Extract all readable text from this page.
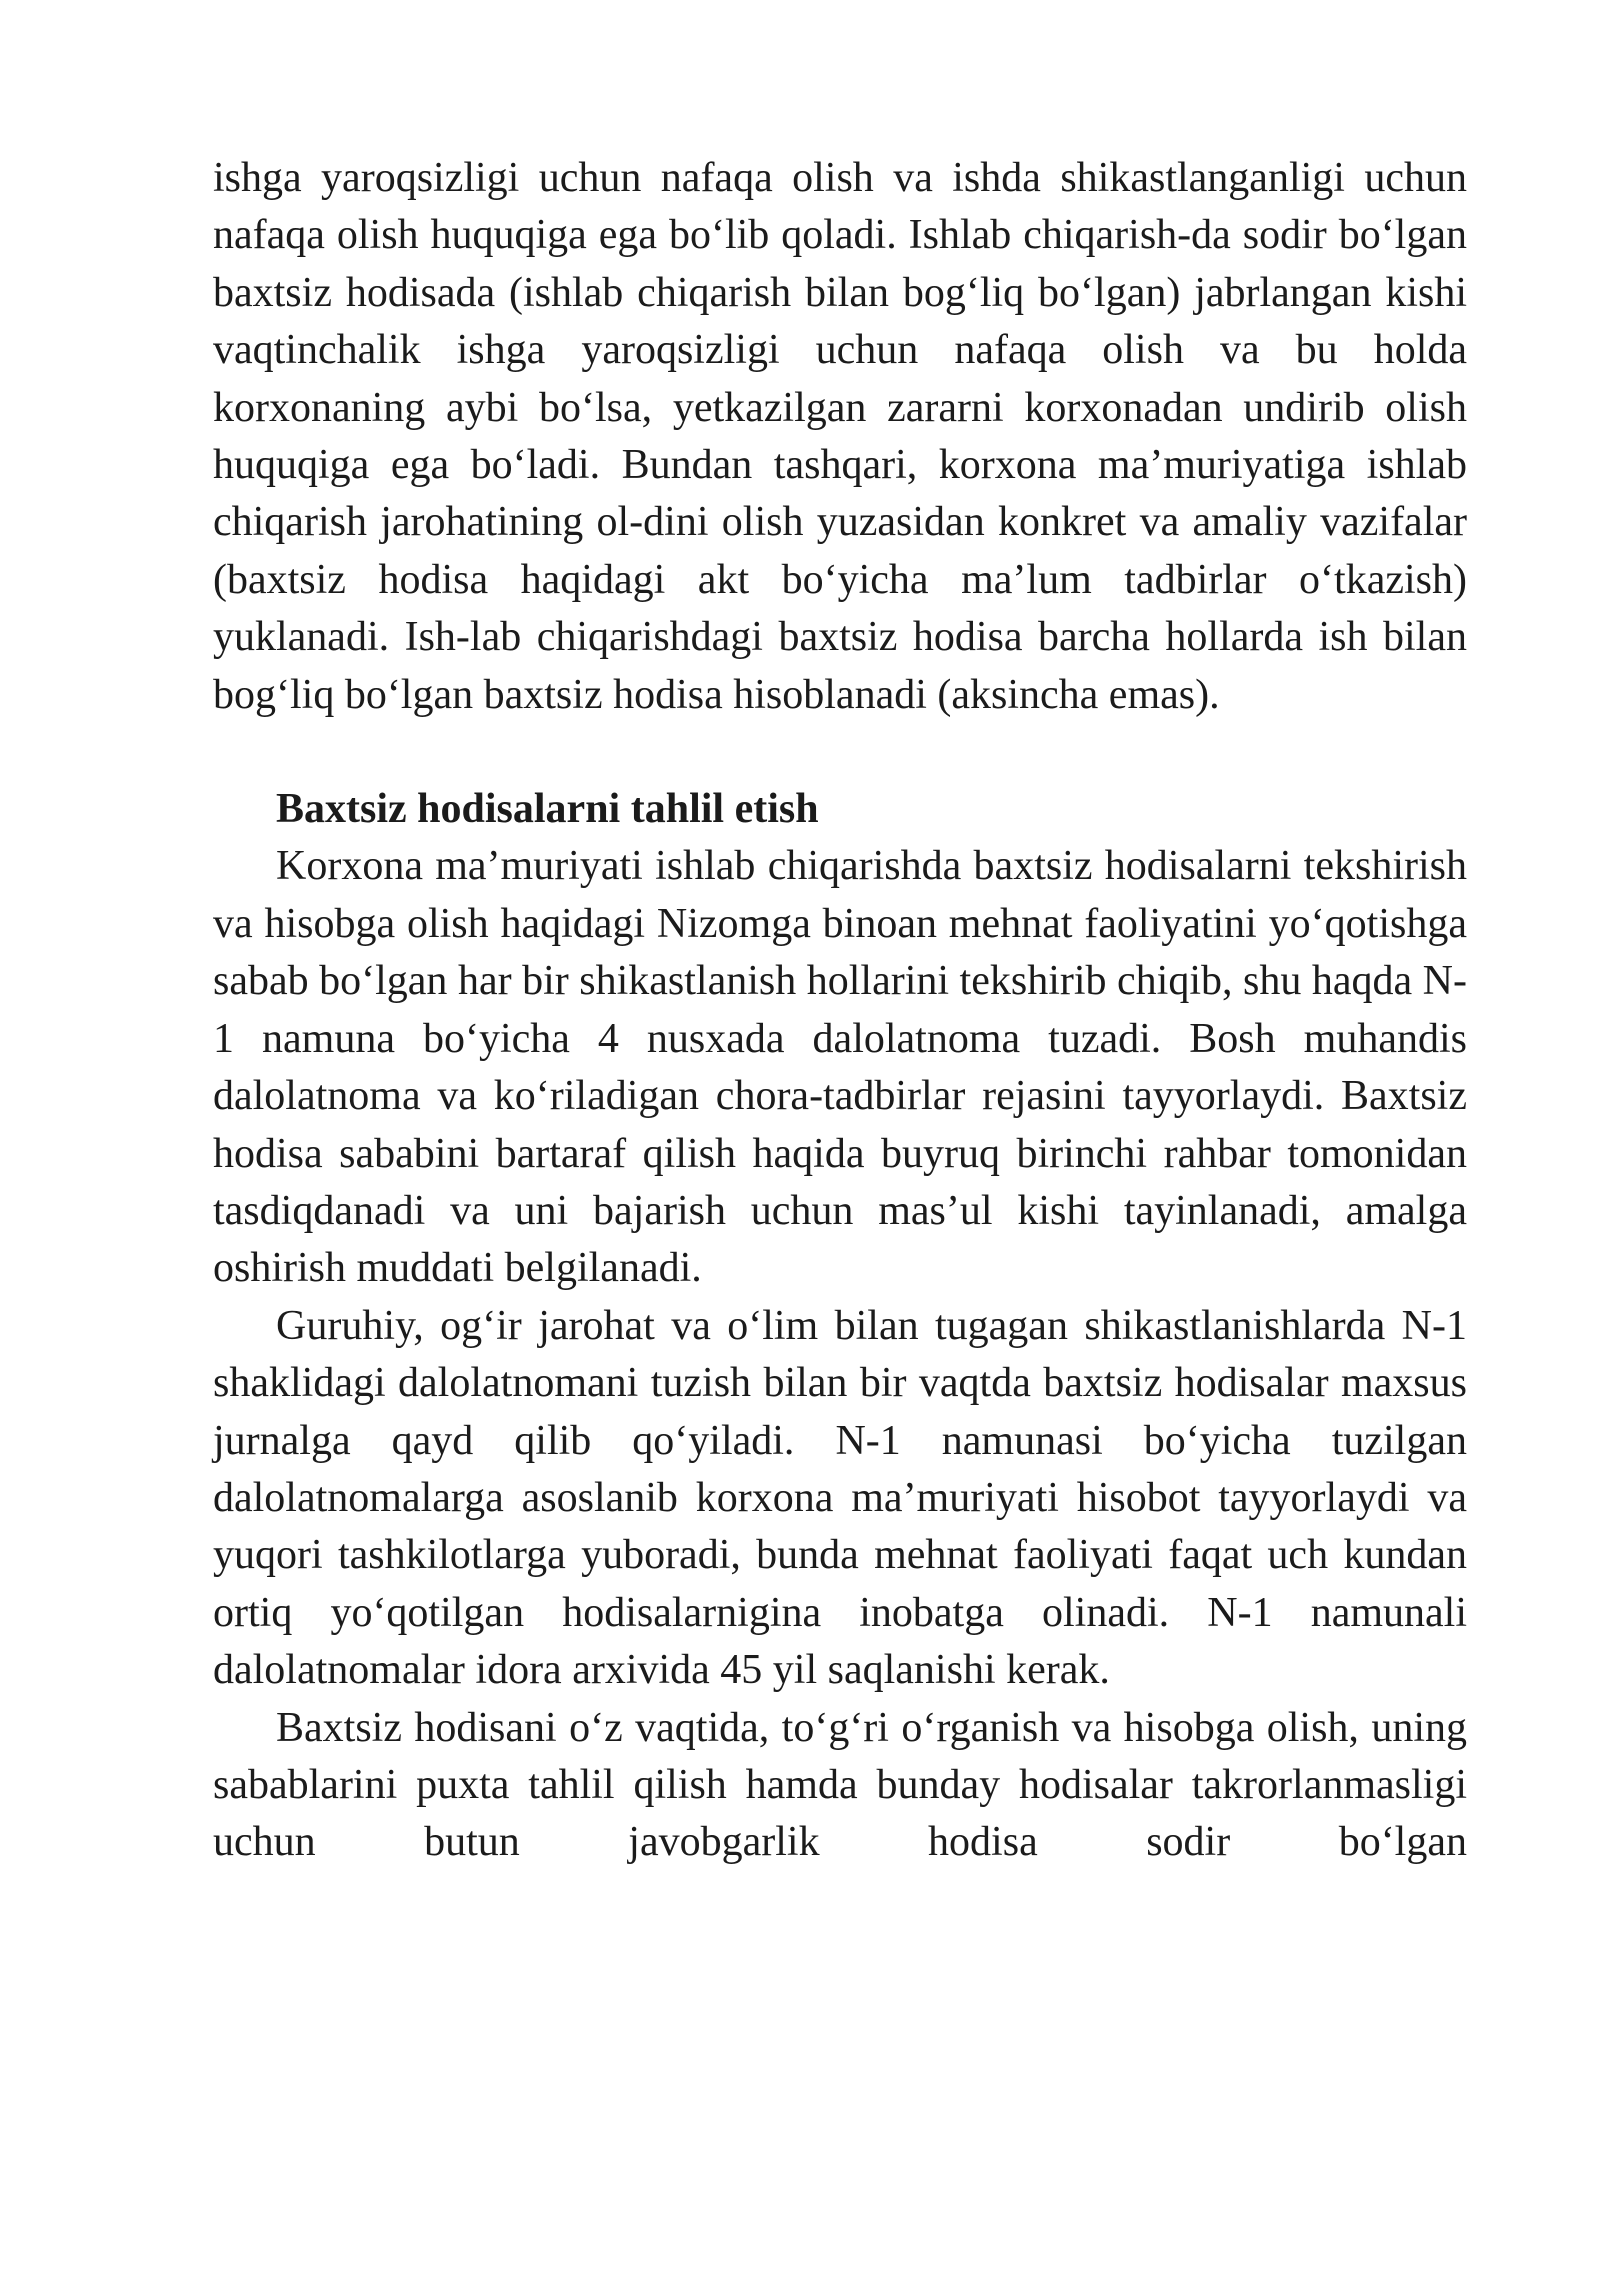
ishga yaroqsizligi uchun nafaqa olish va ishda shikastlanganligi uchun nafaqa olish huquqiga ega bo‘lib qoladi. Ishlab chiqarish-da sodir bo‘lgan baxtsiz hodisada (ishlab chiqarish bilan bog‘liq bo‘lgan) jabrlangan kishi vaqtinchalik ishga yaroqsizligi uchun nafaqa olish va bu holda korxonaning aybi bo‘lsa, yetkazilgan zararni korxonadan undirib olish huquqiga ega bo‘ladi. Bundan tashqari, korxona ma’muriyatiga ishlab chiqarish jarohatining ol-dini olish yuzasidan konkret va amaliy vazifalar (baxtsiz hodisa haqidagi akt bo‘yicha ma’lum tadbirlar o‘tkazish) yuklanadi. Ish-lab chiqarishdagi baxtsiz hodisa barcha hollarda ish bilan bog‘liq bo‘lgan baxtsiz hodisa hisoblanadi (aksincha emas).

Baxtsiz hodisalarni tahlil etish

Korxona ma’muriyati ishlab chiqarishda baxtsiz hodisalarni tekshirish va hisobga olish haqidagi Nizomga binoan mehnat faoliyatini yo‘qotishga sabab bo‘lgan har bir shikastlanish hollarini tekshirib chiqib, shu haqda N-1 namuna bo‘yicha 4 nusxada dalolatnoma tuzadi. Bosh muhandis dalolatnoma va ko‘riladigan chora-tadbirlar rejasini tayyorlaydi. Baxtsiz hodisa sababini bartaraf qilish haqida buyruq birinchi rahbar tomonidan tasdiqdanadi va uni bajarish uchun mas’ul kishi tayinlanadi, amalga oshirish muddati belgilanadi.

Guruhiy, og‘ir jarohat va o‘lim bilan tugagan shikastlanishlarda N-1 shaklidagi dalolatnomani tuzish bilan bir vaqtda baxtsiz hodisalar maxsus jurnalga qayd qilib qo‘yiladi. N-1 namunasi bo‘yicha tuzilgan dalolatnomalarga asoslanib korxona ma’muriyati hisobot tayyorlaydi va yuqori tashkilotlarga yuboradi, bunda mehnat faoliyati faqat uch kundan ortiq yo‘qotilgan hodisalarnigina inobatga olinadi. N-1 namunali dalolatnomalar idora arxivida 45 yil saqlanishi kerak.

Baxtsiz hodisani o‘z vaqtida, to‘g‘ri o‘rganish va hisobga olish, uning sabablarini puxta tahlil qilish hamda bunday hodisalar takrorlanmasligi uchun butun javobgarlik hodisa sodir bo‘lgan
